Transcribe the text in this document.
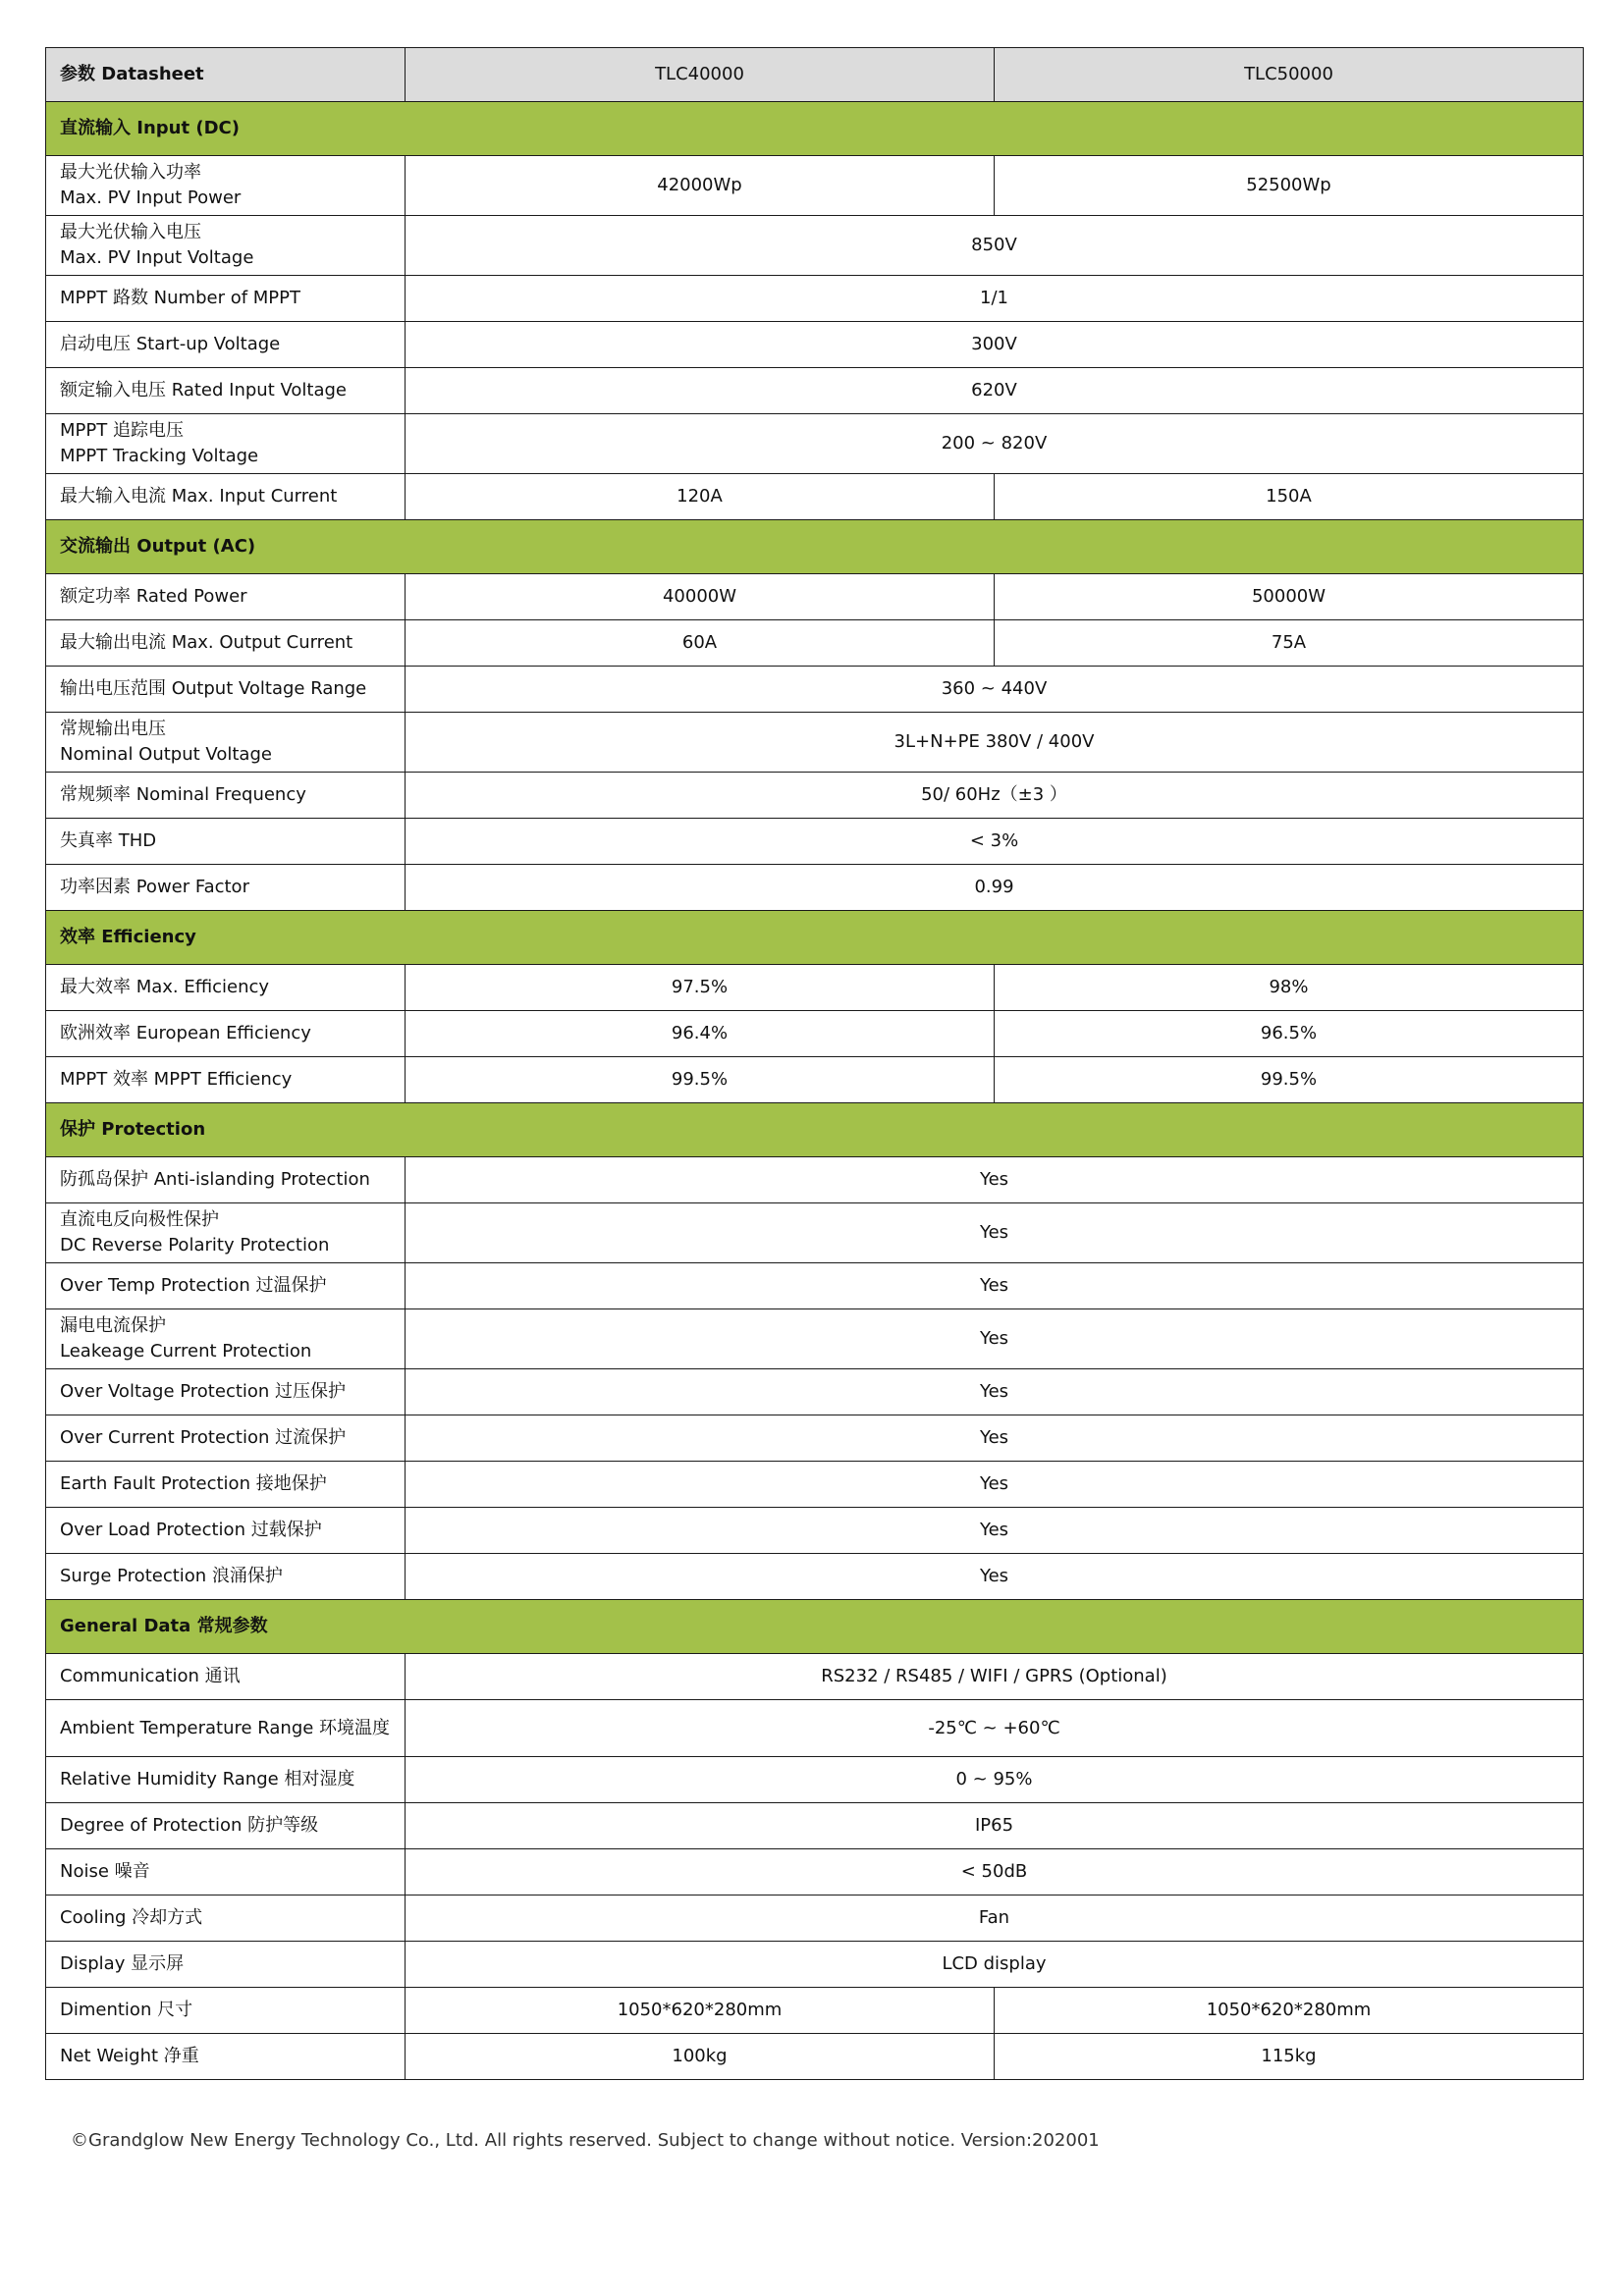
参数 Datasheet	TLC40000	TLC50000
直流输入 Input (DC)		

最大光伏输入功率
Max. PV Input Power	42000Wp	52500Wp

最大光伏输入电压
Max. PV Input Voltage	850V	

MPPT 路数 Number of MPPT	1/1	

启动电压 Start-up Voltage	300V	

额定输入电压 Rated Input Voltage	620V	

MPPT 追踪电压
MPPT Tracking Voltage	200 ~ 820V	

最大输入电流 Max. Input Current	120A	150A
交流输出 Output (AC)		

额定功率 Rated Power	40000W	50000W

最大输出电流 Max. Output Current	60A	75A

输出电压范围 Output Voltage Range	360 ~ 440V	

常规输出电压
Nominal Output Voltage	3L+N+PE 380V / 400V	

常规频率 Nominal Frequency	50/ 60Hz（±3 ）	

失真率 THD	< 3%	

功率因素 Power Factor	0.99	
效率 Efficiency		

最大效率 Max. Efficiency	97.5%	98%

欧洲效率 European Efficiency	96.4%	96.5%

MPPT 效率 MPPT Efficiency	99.5%	99.5%
保护 Protection		

防孤岛保护 Anti-islanding Protection	Yes	

直流电反向极性保护
DC Reverse Polarity Protection	Yes	

Over Temp Protection 过温保护	Yes	

漏电电流保护
Leakeage Current Protection	Yes	

Over Voltage Protection 过压保护	Yes	

Over Current Protection 过流保护	Yes	

Earth Fault Protection 接地保护	Yes	

Over Load Protection 过载保护	Yes	

Surge Protection 浪涌保护	Yes	
General Data 常规参数		

Communication 通讯	RS232 / RS485 / WIFI / GPRS (Optional)	

Ambient Temperature Range 环境温度	-25℃ ~ +60℃	

Relative Humidity Range 相对湿度	0 ~ 95%	

Degree of Protection 防护等级	IP65	

Noise 噪音	< 50dB	

Cooling 冷却方式	Fan	

Display 显示屏	LCD display	

Dimention 尺寸	1050*620*280mm	1050*620*280mm

Net Weight 净重	100kg	115kg
©Grandglow New Energy Technology Co., Ltd. All rights reserved. Subject to change without notice. Version:202001
